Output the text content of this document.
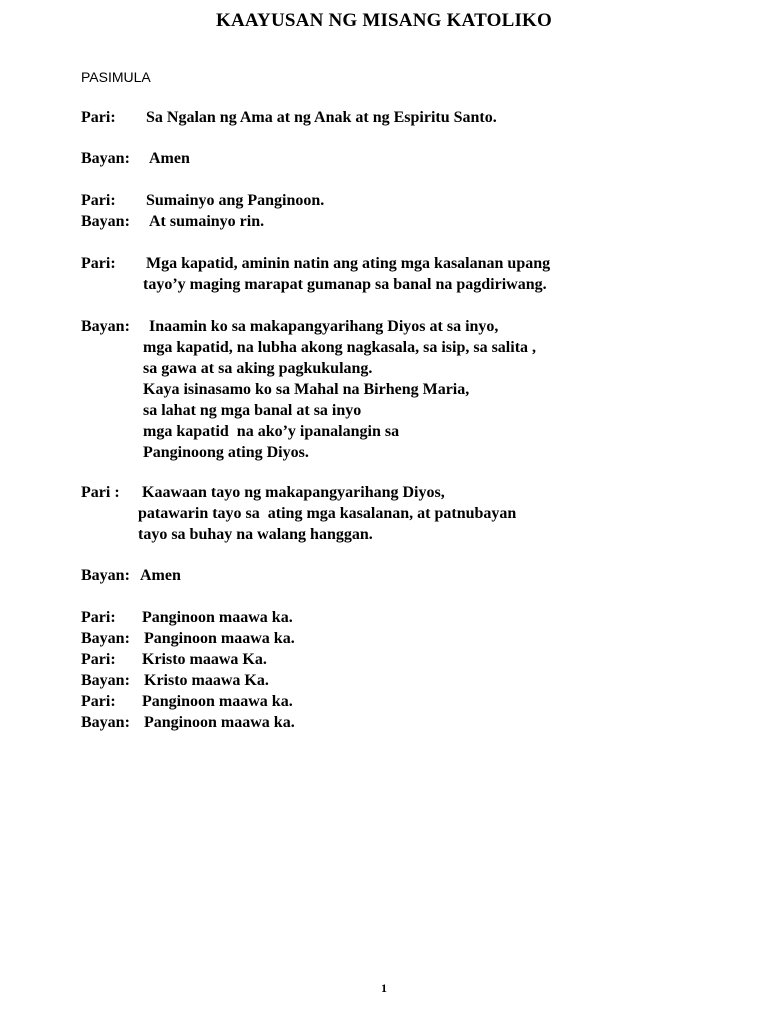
KAAYUSAN NG MISANG KATOLIKO
PASIMULA
Pari: Sa Ngalan ng Ama at ng Anak at ng Espiritu Santo.
Bayan: Amen
Pari: Sumainyo ang Panginoon.
Bayan: At sumainyo rin.
Pari: Mga kapatid, aminin natin ang ating mga kasalanan upang
tayo’y maging marapat gumanap sa banal na pagdiriwang.
Bayan: Inaamin ko sa makapangyarihang Diyos at sa inyo,
mga kapatid, na lubha akong nagkasala, sa isip, sa salita ,
sa gawa at sa aking pagkukulang.
Kaya isinasamo ko sa Mahal na Birheng Maria,
sa lahat ng mga banal at sa inyo
mga kapatid  na ako’y ipanalangin sa
Panginoong ating Diyos.
Pari : Kaawaan tayo ng makapangyarihang Diyos,
patawarin tayo sa  ating mga kasalanan, at patnubayan
tayo sa buhay na walang hanggan.
Bayan: Amen
Pari: Panginoon maawa ka.
Bayan: Panginoon maawa ka.
Pari: Kristo maawa Ka.
Bayan: Kristo maawa Ka.
Pari: Panginoon maawa ka.
Bayan: Panginoon maawa ka.
1
